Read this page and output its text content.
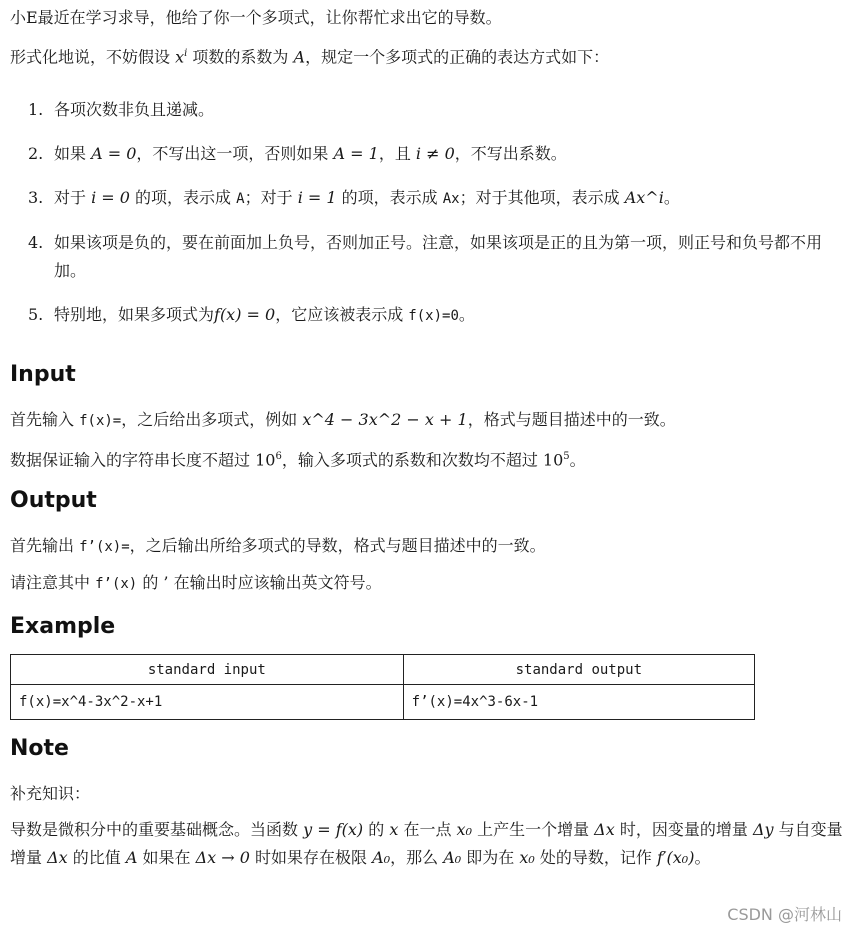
小E最近在学习求导，他给了你一个多项式，让你帮忙求出它的导数。

形式化地说，不妨假设 $x^i$ 项数的系数为 A，规定一个多项式的正确的表达方式如下：

1. 各项次数非负且递减。
2. 如果 A = 0，不写出这一项，否则如果 A = 1，且 i ≠ 0，不写出系数。
3. 对于 i = 0 的项，表示成 A；对于 i = 1 的项，表示成 Ax；对于其他项，表示成 Ax^i。
4. 如果该项是负的，要在前面加上负号，否则加正号。注意，如果该项是正的且为第一项，则正号和负号都不用加。
5. 特别地，如果多项式为f(x) = 0，它应该被表示成 f(x)=0。
Input

首先输入 f(x)=，之后给出多项式，例如 x^4 − 3x^2 − x + 1，格式与题目描述中的一致。

数据保证输入的字符串长度不超过 $10^6$，输入多项式的系数和次数均不超过 $10^5$。

Output

首先输出 f’(x)=，之后输出所给多项式的导数，格式与题目描述中的一致。

请注意其中 f’(x) 的 ’ 在输出时应该输出英文符号。

Example
standard input	standard output
f(x)=x^4-3x^2-x+1	f’(x)=4x^3-6x-1
Note

补充知识：

导数是微积分中的重要基础概念。当函数 y = f(x) 的 x 在一点 x₀ 上产生一个增量 Δx 时，因变量的增量 Δy 与自变量增量 Δx 的比值 A 如果在 Δx → 0 时如果存在极限 A₀，那么 A₀ 即为在 x₀ 处的导数，记作 f′(x₀)。

CSDN @河林山
